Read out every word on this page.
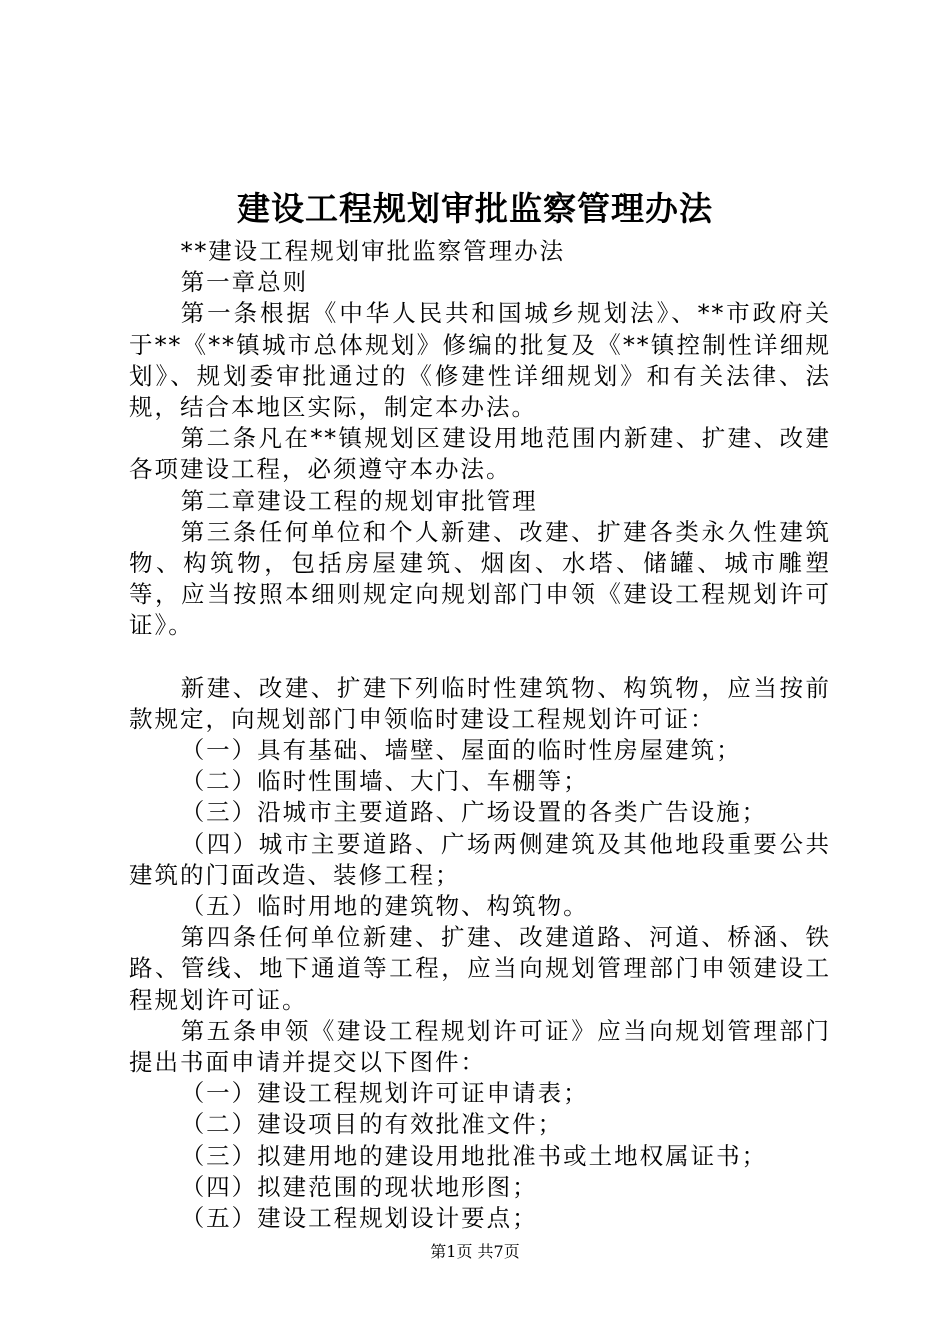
建设工程规划审批监察管理办法

**建设工程规划审批监察管理办法

第一章总则

第一条根据《中华人民共和国城乡规划法》、**市政府关于**《**镇城市总体规划》修编的批复及《**镇控制性详细规划》、规划委审批通过的《修建性详细规划》和有关法律、法规，结合本地区实际，制定本办法。

第二条凡在**镇规划区建设用地范围内新建、扩建、改建各项建设工程，必须遵守本办法。

第二章建设工程的规划审批管理

第三条任何单位和个人新建、改建、扩建各类永久性建筑物、构筑物，包括房屋建筑、烟囱、水塔、储罐、城市雕塑等，应当按照本细则规定向规划部门申领《建设工程规划许可证》。

新建、改建、扩建下列临时性建筑物、构筑物，应当按前款规定，向规划部门申领临时建设工程规划许可证：

（一）具有基础、墙壁、屋面的临时性房屋建筑；

（二）临时性围墙、大门、车棚等；

（三）沿城市主要道路、广场设置的各类广告设施；

（四）城市主要道路、广场两侧建筑及其他地段重要公共建筑的门面改造、装修工程；

（五）临时用地的建筑物、构筑物。

第四条任何单位新建、扩建、改建道路、河道、桥涵、铁路、管线、地下通道等工程，应当向规划管理部门申领建设工程规划许可证。

第五条申领《建设工程规划许可证》应当向规划管理部门提出书面申请并提交以下图件：

（一）建设工程规划许可证申请表；

（二）建设项目的有效批准文件；

（三）拟建用地的建设用地批准书或土地权属证书；

（四）拟建范围的现状地形图；

（五）建设工程规划设计要点；

第1页 共7页
